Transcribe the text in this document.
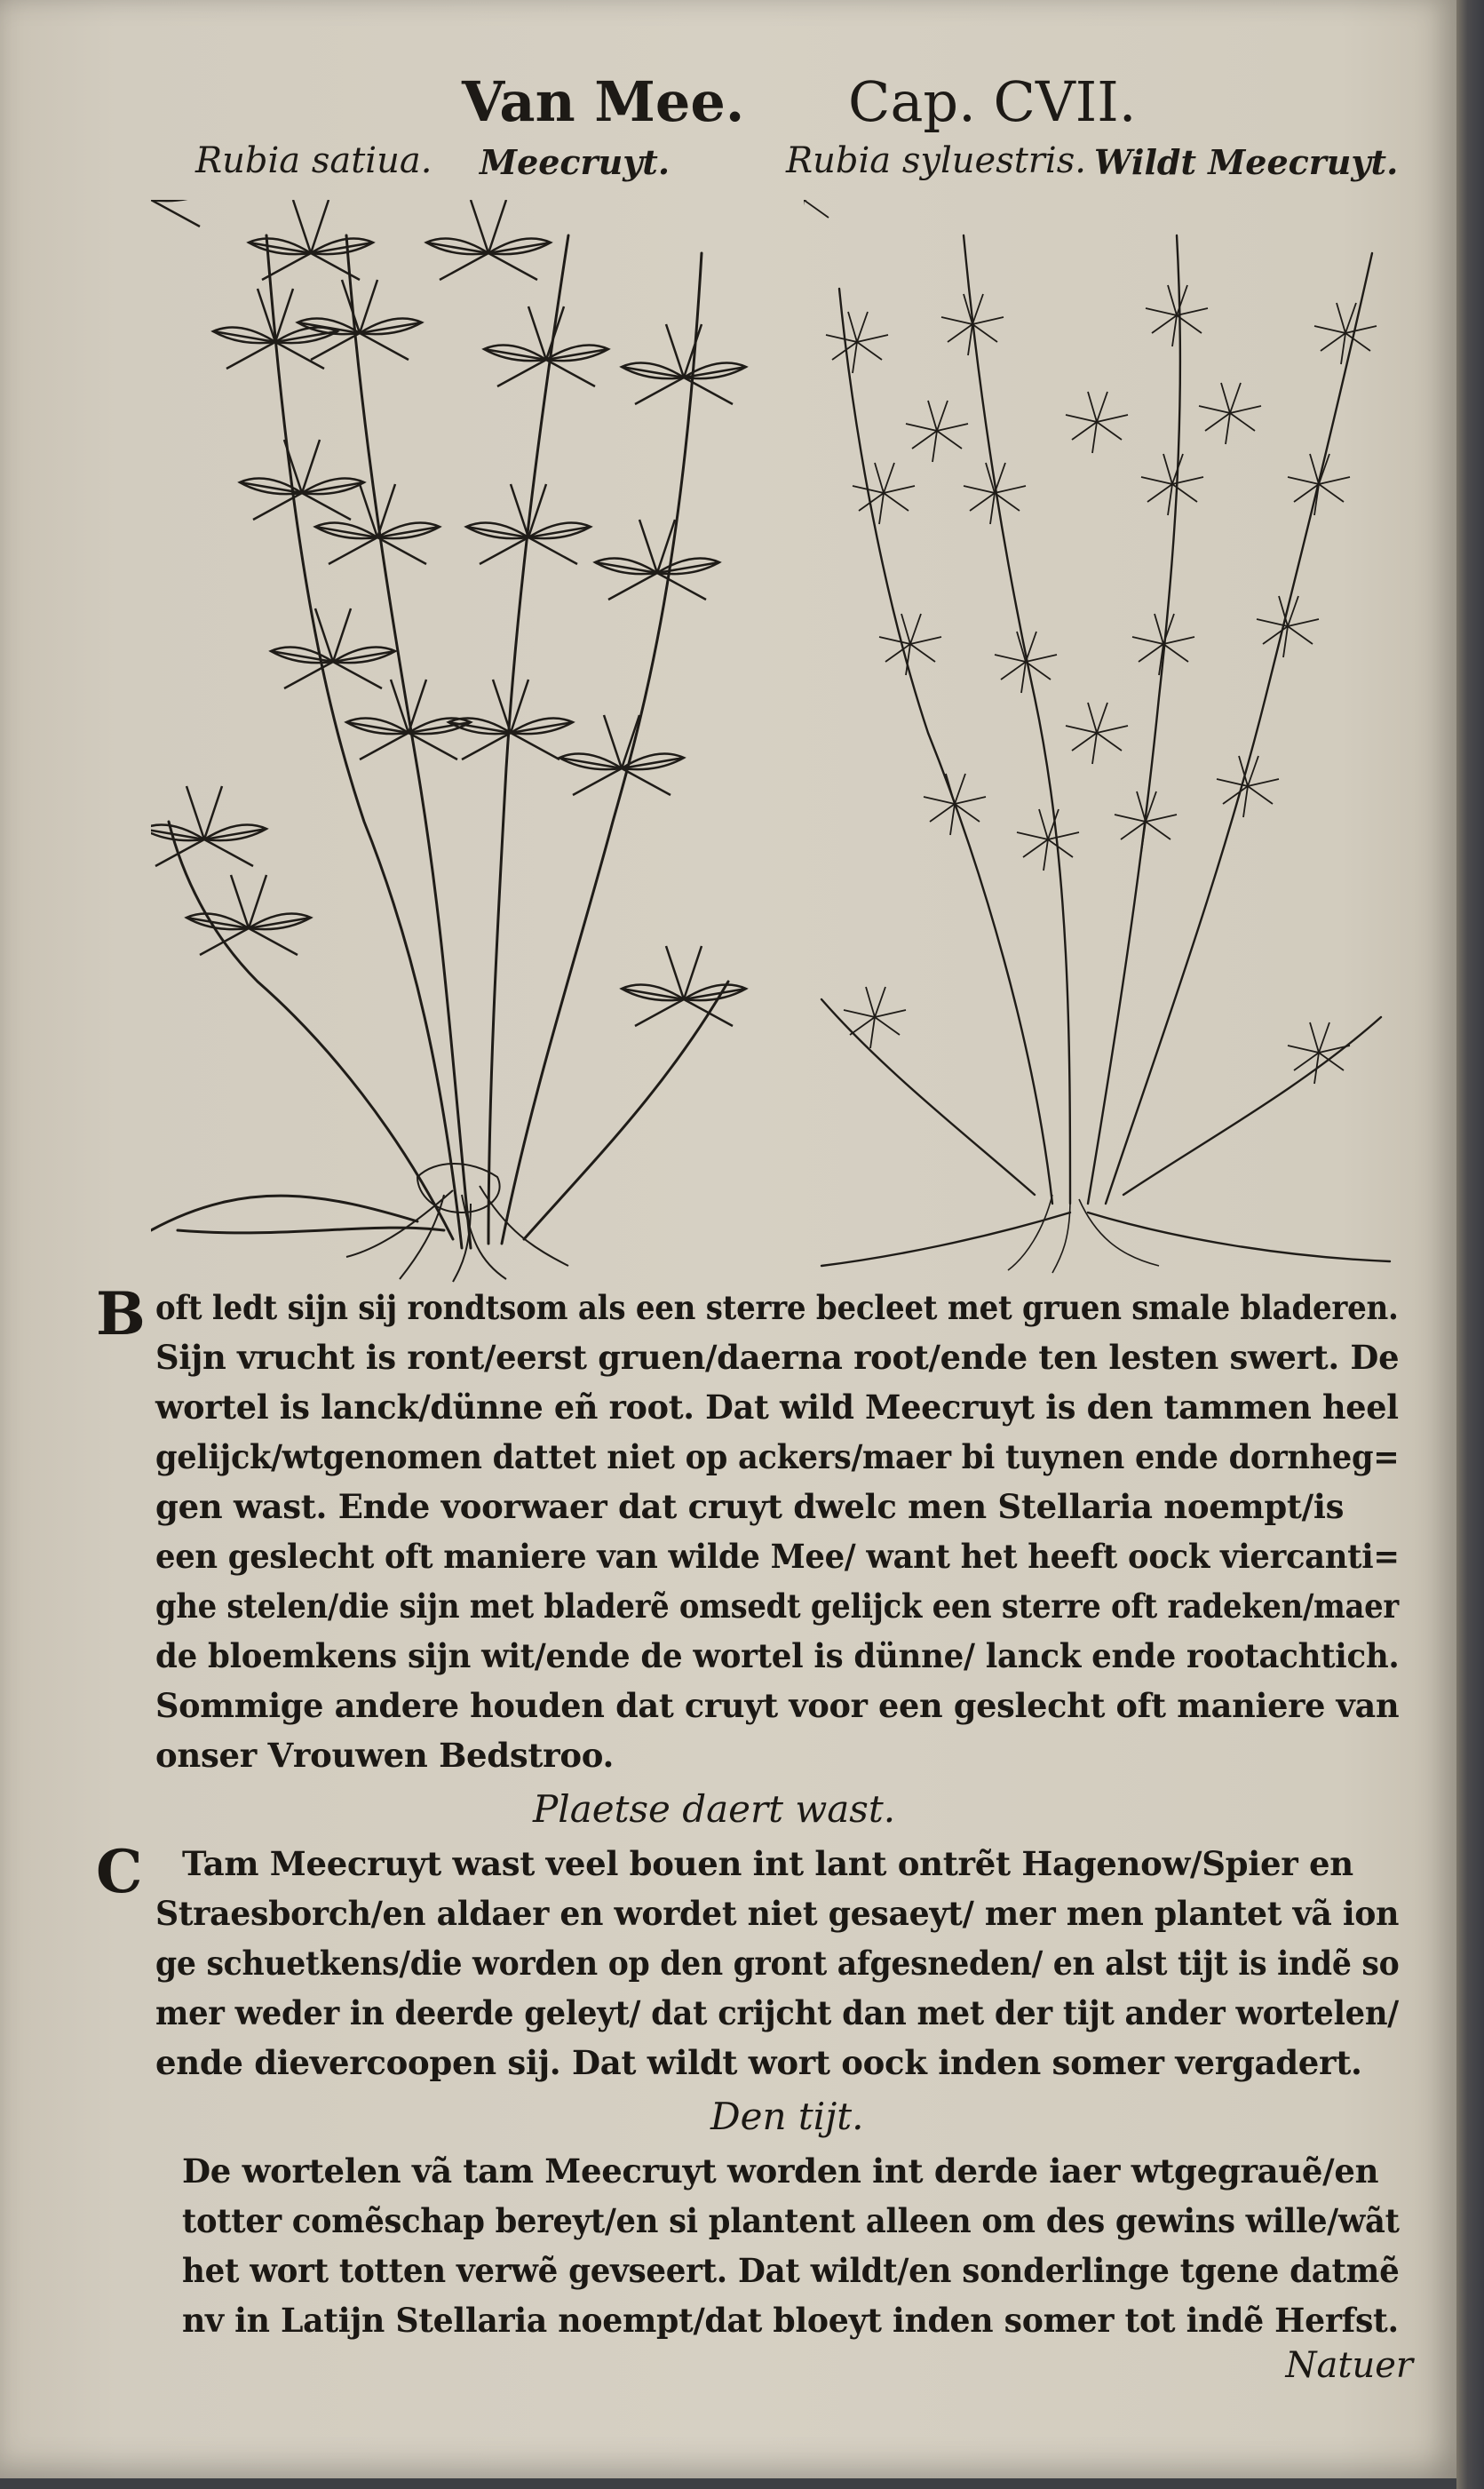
Van Mee. Cap. CVII.
Rubia satiua. Meecruyt.	Rubia syluestris. Wildt Meecruyt.
B oft ledt sijn sij rondtsom als een sterre becleet met gruen smale bladeren.
Sijn vrucht is ront/eerst gruen/daerna root/ende ten lesten swert. De
wortel is lanck/dünne eñ root. Dat wild Meecruyt is den tammen heel
gelijck/wtgenomen dattet niet op ackers/maer bi tuynen ende dornheg=
gen wast. Ende voorwaer dat cruyt dwelc men Stellaria noempt/is
een geslecht oft maniere van wilde Mee/ want het heeft oock viercanti=
ghe stelen/die sijn met bladerẽ omsedt gelijck een sterre oft radeken/maer
de bloemkens sijn wit/ende de wortel is dünne/ lanck ende rootachtich.
Sommige andere houden dat cruyt voor een geslecht oft maniere van
onser Vrouwen Bedstroo.
Plaetse daert wast.
C Tam Meecruyt wast veel bouen int lant ontrẽt Hagenow/Spier en
Straesborch/en aldaer en wordet niet gesaeyt/ mer men plantet vã ion
ge schuetkens/die worden op den gront afgesneden/ en alst tijt is indẽ so
mer weder in deerde geleyt/ dat crijcht dan met der tijt ander wortelen/
ende dievercoopen sij. Dat wildt wort oock inden somer vergadert.
Den tijt.
De wortelen vã tam Meecruyt worden int derde iaer wtgegrauẽ/en
totter comẽschap bereyt/en si plantent alleen om des gewins wille/wãt
het wort totten verwẽ gevseert. Dat wildt/en sonderlinge tgene datmẽ
nv in Latijn Stellaria noempt/dat bloeyt inden somer tot indẽ Herfst.
Natuer
